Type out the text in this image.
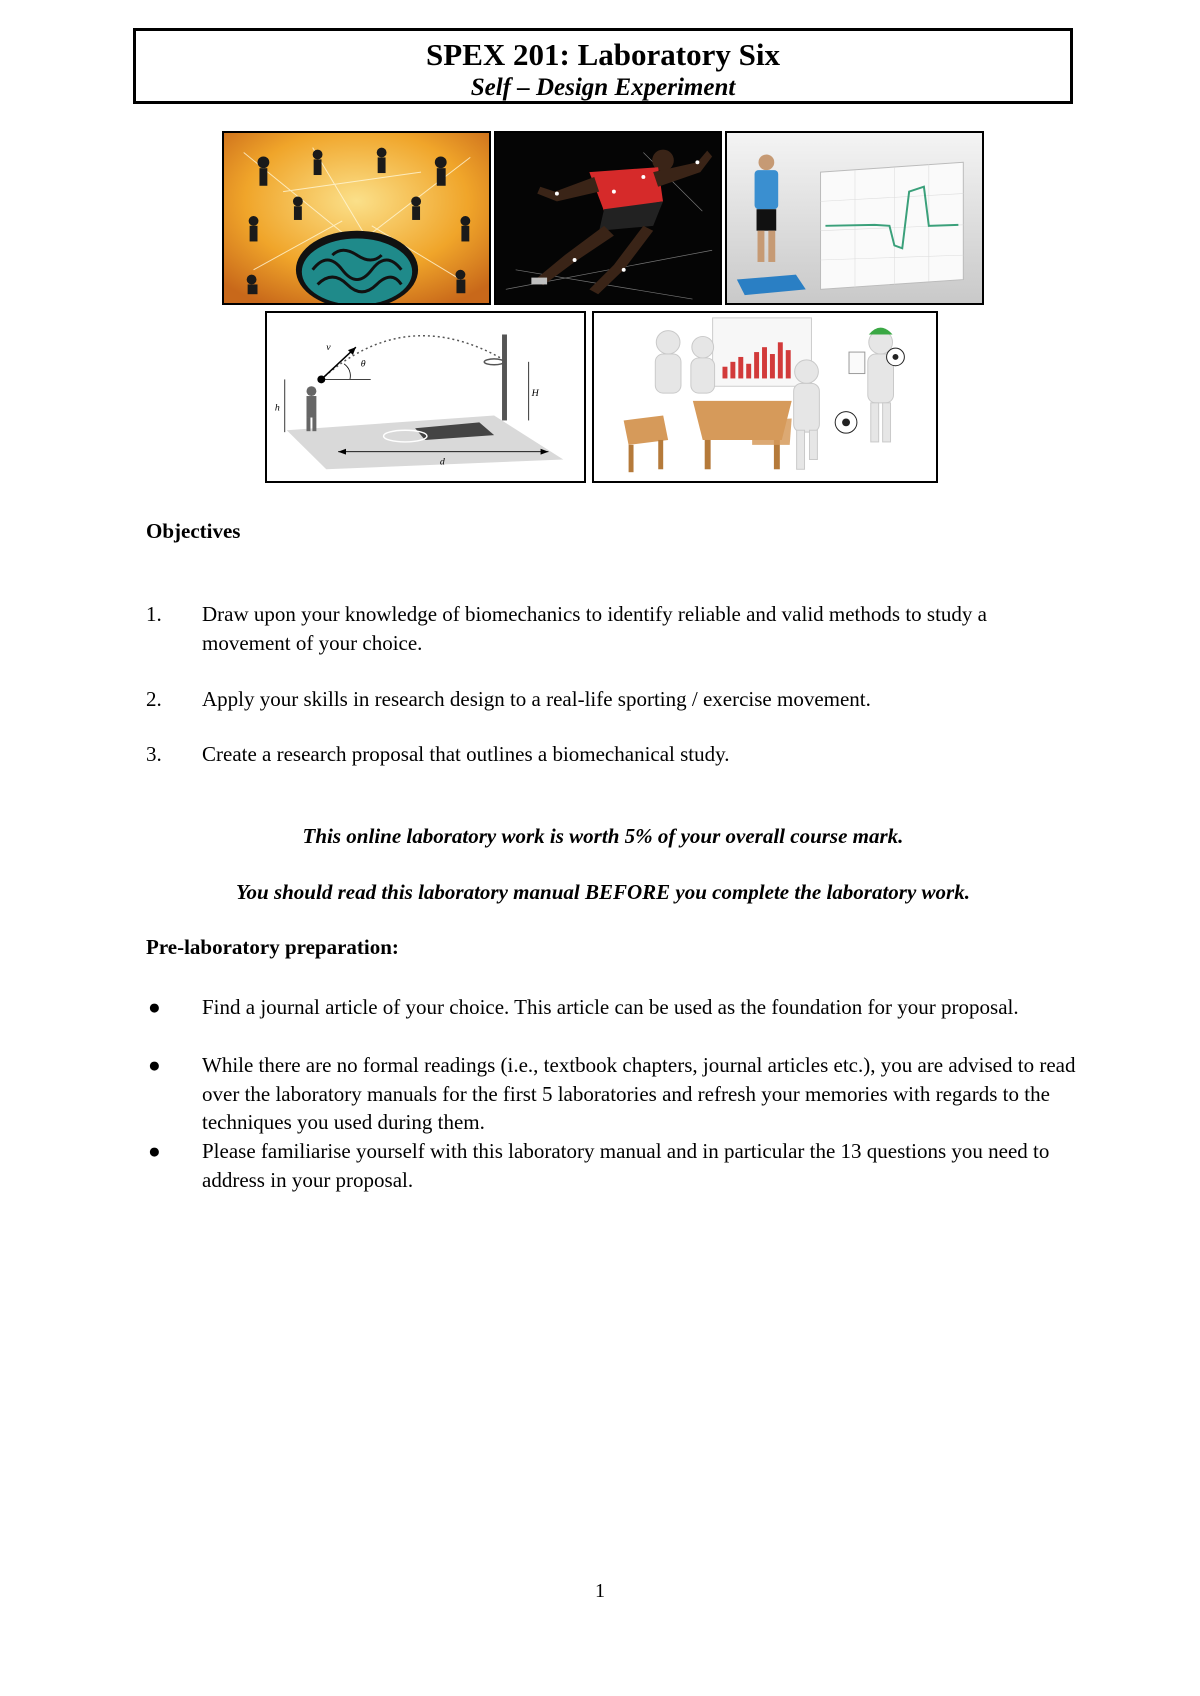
SPEX 201: Laboratory Six
Self – Design Experiment
v
θ
h
H
d
Objectives
1. Draw upon your knowledge of biomechanics to identify reliable and valid methods to study a movement of your choice.
2. Apply your skills in research design to a real-life sporting / exercise movement.
3. Create a research proposal that outlines a biomechanical study.
This online laboratory work is worth 5% of your overall course mark.
You should read this laboratory manual BEFORE you complete the laboratory work.
Pre-laboratory preparation:
● Find a journal article of your choice. This article can be used as the foundation for your proposal.
● While there are no formal readings (i.e., textbook chapters, journal articles etc.), you are advised to read over the laboratory manuals for the first 5 laboratories and refresh your memories with regards to the techniques you used during them.
● Please familiarise yourself with this laboratory manual and in particular the 13 questions you need to address in your proposal.
1
